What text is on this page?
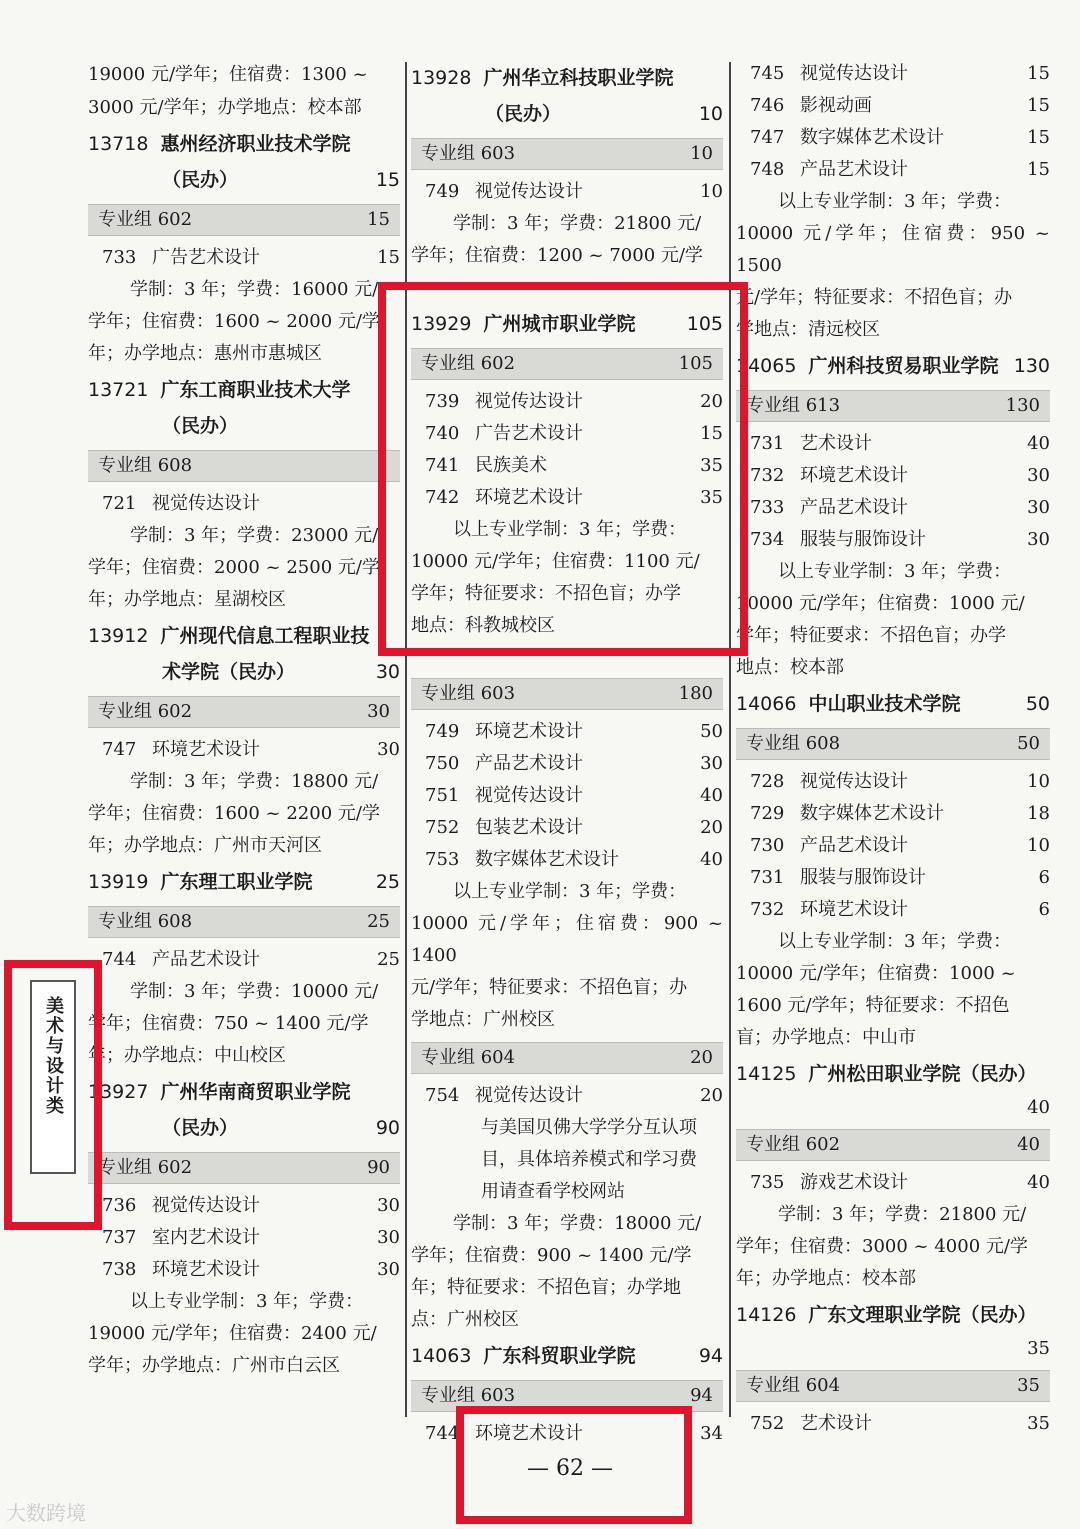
19000 元/学年；住宿费：1300 ~
3000 元/学年；办学地点：校本部
13718 惠州经济职业技术学院
（民办）	15
专业组 602	15
733 广告艺术设计	15
学制：3 年；学费：16000 元/
学年；住宿费：1600 ~ 2000 元/学
年；办学地点：惠州市惠城区
13721 广东工商职业技术大学
（民办）
专业组 608
721 视觉传达设计
学制：3 年；学费：23000 元/
学年；住宿费：2000 ~ 2500 元/学
年；办学地点：星湖校区
13912 广州现代信息工程职业技
术学院（民办）	30
专业组 602	30
747 环境艺术设计	30
学制：3 年；学费：18800 元/
学年；住宿费：1600 ~ 2200 元/学
年；办学地点：广州市天河区
13919 广东理工职业学院	25
专业组 608	25
744 产品艺术设计	25
学制：3 年；学费：10000 元/
学年；住宿费：750 ~ 1400 元/学
年；办学地点：中山校区
13927 广州华南商贸职业学院
（民办）	90
专业组 602	90
736 视觉传达设计	30
737 室内艺术设计	30
738 环境艺术设计	30
以上专业学制：3 年；学费：
19000 元/学年；住宿费：2400 元/
学年；办学地点：广州市白云区
13928 广州华立科技职业学院
（民办）	10
专业组 603	10
749 视觉传达设计	10
学制：3 年；学费：21800 元/
学年；住宿费：1200 ~ 7000 元/学
13929 广州城市职业学院	105
专业组 602	105
739 视觉传达设计	20
740 广告艺术设计	15
741 民族美术	35
742 环境艺术设计	35
以上专业学制：3 年；学费：
10000 元/学年；住宿费：1100 元/
学年；特征要求：不招色盲；办学
地点：科教城校区
专业组 603	180
749 环境艺术设计	50
750 产品艺术设计	30
751 视觉传达设计	40
752 包装艺术设计	20
753 数字媒体艺术设计	40
以上专业学制：3 年；学费：
10000 元/学年；住宿费：900 ~ 1400
元/学年；特征要求：不招色盲；办
学地点：广州校区
专业组 604	20
754 视觉传达设计	20
与美国贝佛大学学分互认项
目，具体培养模式和学习费
用请查看学校网站
学制：3 年；学费：18000 元/
学年；住宿费：900 ~ 1400 元/学
年；特征要求：不招色盲；办学地
点：广州校区
14063 广东科贸职业学院	94
专业组 603	94
744 环境艺术设计	34
745 视觉传达设计	15
746 影视动画	15
747 数字媒体艺术设计	15
748 产品艺术设计	15
以上专业学制：3 年；学费：
10000 元/学年；住宿费：950 ~ 1500
元/学年；特征要求：不招色盲；办
学地点：清远校区
14065 广州科技贸易职业学院 130
专业组 613	130
731 艺术设计	40
732 环境艺术设计	30
733 产品艺术设计	30
734 服装与服饰设计	30
以上专业学制：3 年；学费：
10000 元/学年；住宿费：1000 元/
学年；特征要求：不招色盲；办学
地点：校本部
14066 中山职业技术学院	50
专业组 608	50
728 视觉传达设计	10
729 数字媒体艺术设计	18
730 产品艺术设计	10
731 服装与服饰设计	6
732 环境艺术设计	6
以上专业学制：3 年；学费：
10000 元/学年；住宿费：1000 ~
1600 元/学年；特征要求：不招色
盲；办学地点：中山市
14125 广州松田职业学院（民办）
40
专业组 602	40
735 游戏艺术设计	40
学制：3 年；学费：21800 元/
学年；住宿费：3000 ~ 4000 元/学
年；办学地点：校本部
14126 广东文理职业学院（民办）
35
专业组 604	35
752 艺术设计	35
美术与设计类
— 62 —
大数跨境
